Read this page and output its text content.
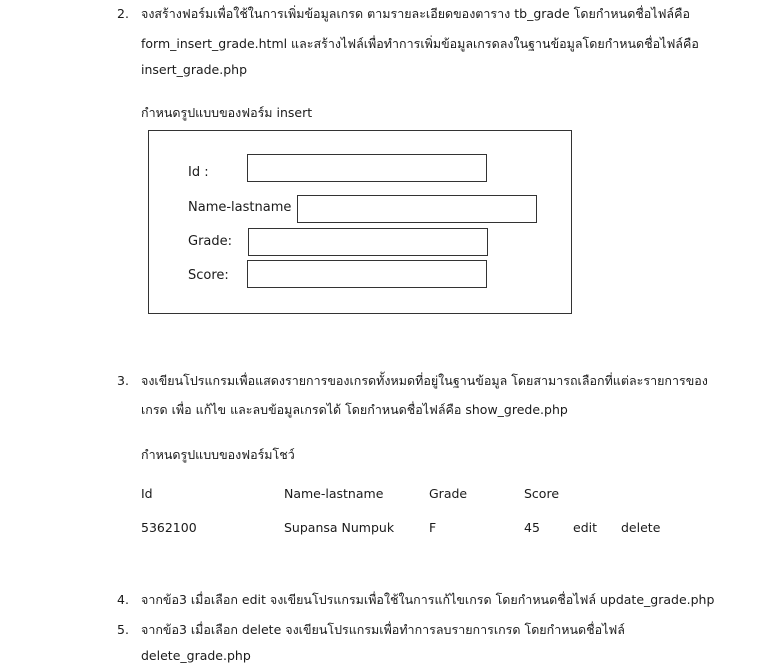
2. จงสร้างฟอร์มเพื่อใช้ในการเพิ่มข้อมูลเกรด ตามรายละเอียดของตาราง tb_grade โดยกำหนดชื่อไฟล์คือ
form_insert_grade.html และสร้างไฟล์เพื่อทำการเพิ่มข้อมูลเกรดลงในฐานข้อมูลโดยกำหนดชื่อไฟล์คือ
insert_grade.php
กำหนดรูปแบบของฟอร์ม insert
Id :
Name-lastname
Grade:
Score:
3. จงเขียนโปรแกรมเพื่อแสดงรายการของเกรดทั้งหมดที่อยู่ในฐานข้อมูล โดยสามารถเลือกที่แต่ละรายการของ
เกรด เพื่อ แก้ไข และลบข้อมูลเกรดได้ โดยกำหนดชื่อไฟล์คือ show_grede.php
กำหนดรูปแบบของฟอร์มโชว์
Id	Name-lastname	Grade	Score
5362100	Supansa Numpuk	F	45	edit delete
4. จากข้อ3 เมื่อเลือก edit จงเขียนโปรแกรมเพื่อใช้ในการแก้ไขเกรด โดยกำหนดชื่อไฟล์ update_grade.php
5. จากข้อ3 เมื่อเลือก delete จงเขียนโปรแกรมเพื่อทำการลบรายการเกรด โดยกำหนดชื่อไฟล์
delete_grade.php
